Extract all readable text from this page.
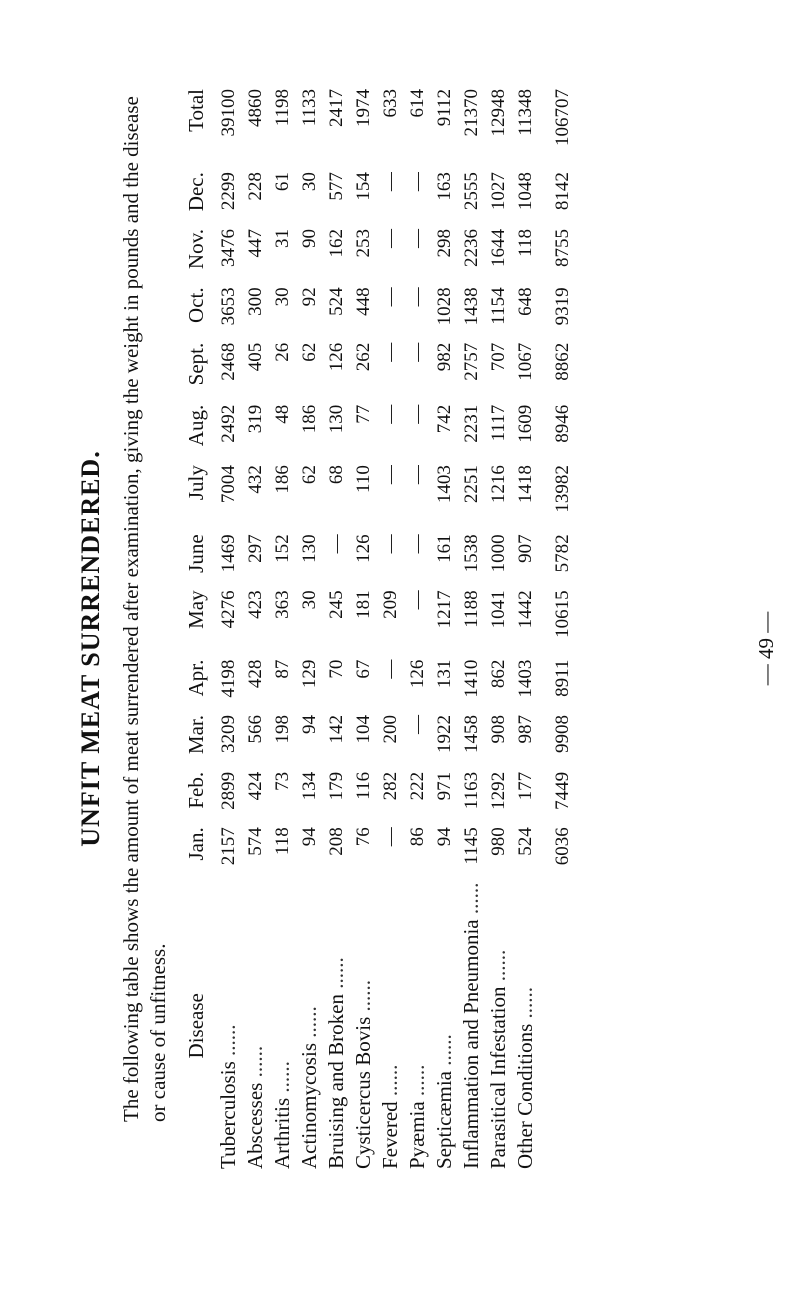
UNFIT MEAT SURRENDERED. The following table shows the amount of meat surrendered after examination, giving the weight in pounds and the disease or cause of unfitness. Disease	Jan.	Feb.	Mar.	Apr.	May	June	July	Aug.	Sept.	Oct.	Nov.	Dec.	Total
Tuberculosis ......	2157	2899	3209	4198	4276	1469	7004	2492	2468	3653	3476	2299	39100
Abscesses ......	574	424	566	428	423	297	432	319	405	300	447	228	4860
Arthritis ......	118	73	198	87	363	152	186	48	26	30	31	61	1198
Actinomycosis ......	94	134	94	129	30	130	62	186	62	92	90	30	1133
Bruising and Broken ......	208	179	142	70	245	—	68	130	126	524	162	577	2417
Cysticercus Bovis ......	76	116	104	67	181	126	110	77	262	448	253	154	1974
Fevered ......	—	282	200	—	209	—	—	—	—	—	—	—	633
Pyæmia ......	86	222	—	126	—	—	—	—	—	—	—	—	614
Septicæmia ......	94	971	1922	131	1217	161	1403	742	982	1028	298	163	9112
Inflammation and Pneumonia ......	1145	1163	1458	1410	1188	1538	2251	2231	2757	1438	2236	2555	21370
Parasitical Infestation ......	980	1292	908	862	1041	1000	1216	1117	707	1154	1644	1027	12948
Other Conditions ......	524	177	987	1403	1442	907	1418	1609	1067	648	118	1048	11348
	6036	7449	9908	8911	10615	5782	13982	8946	8862	9319	8755	8142	106707
— 49 —
